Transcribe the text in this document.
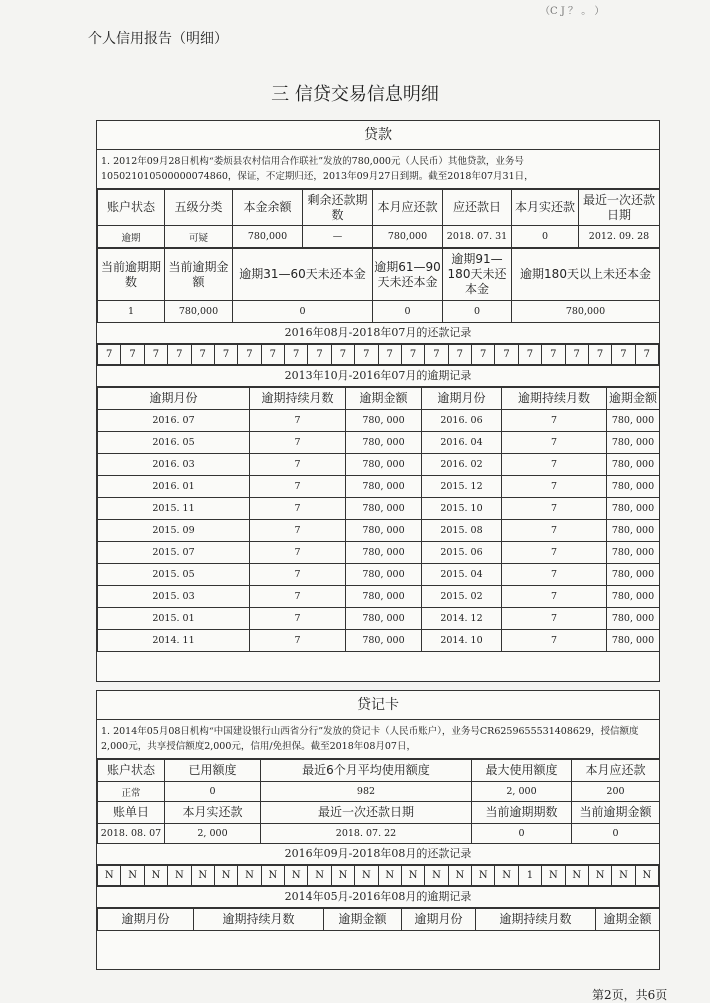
（C J ？ 。 ）
个人信用报告（明细）
三 信贷交易信息明细
贷款
1. 2012年09月28日机构“娄烦县农村信用合作联社”发放的780,000元（人民币）其他贷款，业务号105021010500000074860，保证，不定期归还，2013年09月27日到期。截至2018年07月31日，
账户状态	五级分类	本金余额	剩余还款期数	本月应还款	应还款日	本月实还款	最近一次还款日期
逾期	可疑	780,000	—	780,000	2018. 07. 31	0	2012. 09. 28
当前逾期期数	当前逾期金额	逾期31—60天未还本金	逾期61—90天未还本金	逾期91—180天未还本金	逾期180天以上未还本金
1	780,000	0	0	0	780,000
2016年08月-2018年07月的还款记录
7	7	7	7	7	7	7	7	7	7	7	7	7	7	7	7	7	7	7	7	7	7	7	7
2013年10月-2016年07月的逾期记录
逾期月份	逾期持续月数	逾期金额	逾期月份	逾期持续月数	逾期金额
2016. 07	7	780, 000	2016. 06	7	780, 000
2016. 05	7	780, 000	2016. 04	7	780, 000
2016. 03	7	780, 000	2016. 02	7	780, 000
2016. 01	7	780, 000	2015. 12	7	780, 000
2015. 11	7	780, 000	2015. 10	7	780, 000
2015. 09	7	780, 000	2015. 08	7	780, 000
2015. 07	7	780, 000	2015. 06	7	780, 000
2015. 05	7	780, 000	2015. 04	7	780, 000
2015. 03	7	780, 000	2015. 02	7	780, 000
2015. 01	7	780, 000	2014. 12	7	780, 000
2014. 11	7	780, 000	2014. 10	7	780, 000
贷记卡
1. 2014年05月08日机构“中国建设银行山西省分行”发放的贷记卡（人民币账户），业务号CR6259655531408629，授信额度2,000元，共享授信额度2,000元，信用/免担保。截至2018年08月07日，
账户状态	已用额度	最近6个月平均使用额度	最大使用额度	本月应还款
正常	0	982	2, 000	200
账单日	本月实还款	最近一次还款日期	当前逾期期数	当前逾期金额
2018. 08. 07	2, 000	2018. 07. 22	0	0
2016年09月-2018年08月的还款记录
N	N	N	N	N	N	N	N	N	N	N	N	N	N	N	N	N	N	1	N	N	N	N	N
2014年05月-2016年08月的逾期记录
逾期月份	逾期持续月数	逾期金额	逾期月份	逾期持续月数	逾期金额
第2页，共6页
